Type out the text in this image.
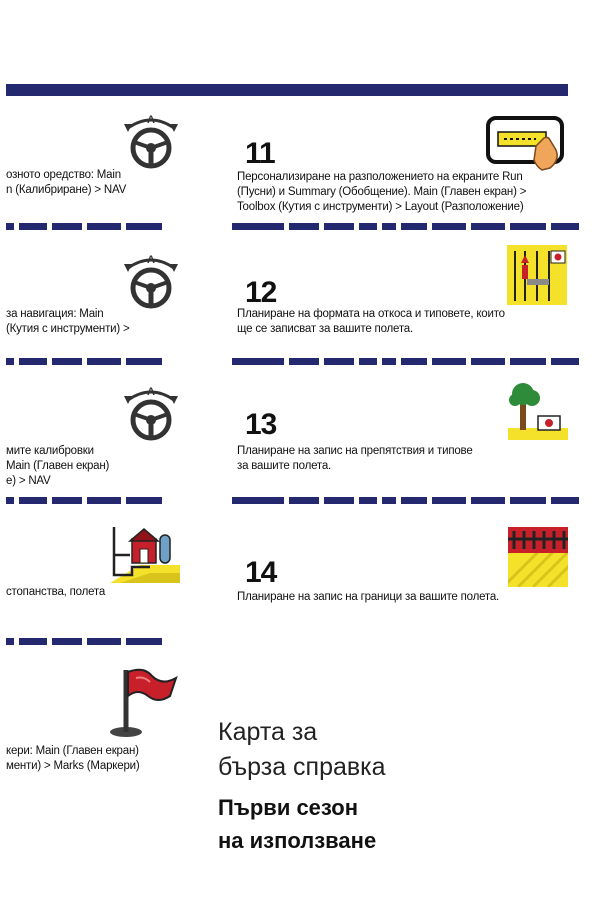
A
озното оредство: Main
n (Калибриране) > NAV
A
за навигация: Main
(Кутия с инструменти) >
A
мите калибровки
Main (Главен екран)
е) > NAV
стопанства, полета
кери: Main (Главен екран)
менти) > Marks (Маркери)
11
Персонализиране на разположението на екраните Run
(Пусни) и Summary (Обобщение). Main (Главен екран) >
Toolbox (Кутия с инструменти) > Layout (Разположение)
12
Планиране на формата на откоса и типовете, които
ще се записват за вашите полета.
13
Планиране на запис на препятствия и типове
за вашите полета.
14
Планиране на запис на граници за вашите полета.
Карта за
бърза справка
Първи сезон
на използване
